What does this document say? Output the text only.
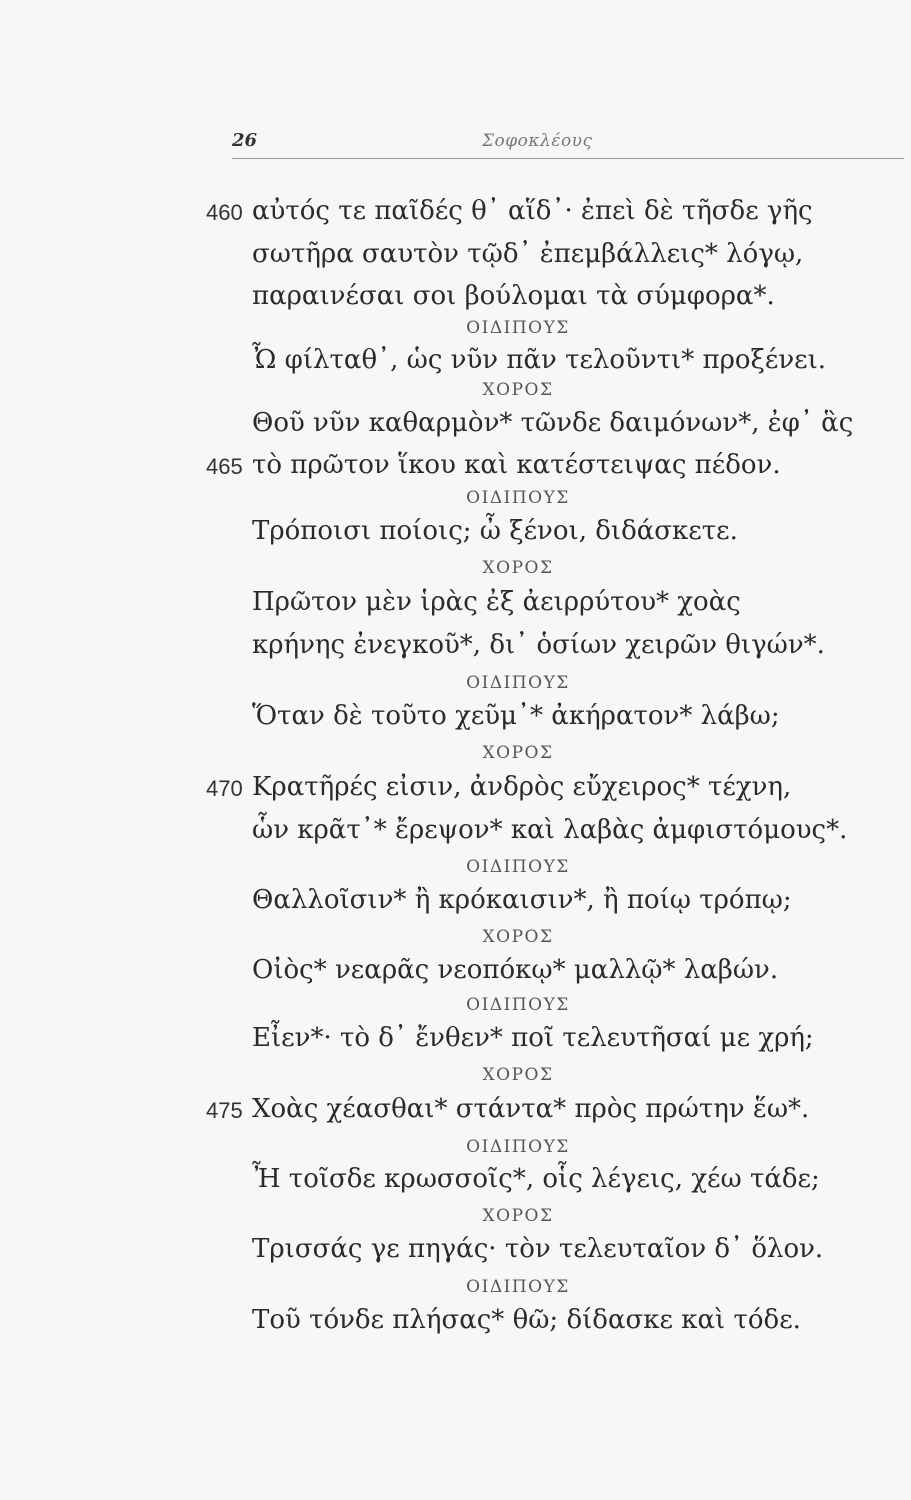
26	Σοφοκλέους
460 αὐτός τε παῖδές θ᾽ αἵδ᾽· ἐπεὶ δὲ τῆσδε γῆς
σωτῆρα σαυτὸν τῷδ᾽ ἐπεμβάλλεις* λόγῳ,
παραινέσαι σοι βούλομαι τὰ σύμφορα*.
ΟΙΔΙΠΟΥΣ
Ὦ φίλταθ᾽, ὡς νῦν πᾶν τελοῦντι* προξένει.
ΧΟΡΟΣ
Θοῦ νῦν καθαρμὸν* τῶνδε δαιμόνων*, ἐφ᾽ ἃς
465 τὸ πρῶτον ἵκου καὶ κατέστειψας πέδον.
ΟΙΔΙΠΟΥΣ
Τρόποισι ποίοις; ὦ ξένοι, διδάσκετε.
ΧΟΡΟΣ
Πρῶτον μὲν ἱρὰς ἐξ ἀειρρύτου* χοὰς
κρήνης ἐνεγκοῦ*, δι᾽ ὁσίων χειρῶν θιγών*.
ΟΙΔΙΠΟΥΣ
Ὅταν δὲ τοῦτο χεῦμ᾽* ἀκήρατον* λάβω;
ΧΟΡΟΣ
470 Κρατῆρές εἰσιν, ἀνδρὸς εὔχειρος* τέχνη,
ὧν κρᾶτ᾽* ἔρεψον* καὶ λαβὰς ἀμφιστόμους*.
ΟΙΔΙΠΟΥΣ
Θαλλοῖσιν* ἢ κρόκαισιν*, ἢ ποίῳ τρόπῳ;
ΧΟΡΟΣ
Οἰὸς* νεαρᾶς νεοπόκῳ* μαλλῷ* λαβών.
ΟΙΔΙΠΟΥΣ
Εἶεν*· τὸ δ᾽ ἔνθεν* ποῖ τελευτῆσαί με χρή;
ΧΟΡΟΣ
475 Χοὰς χέασθαι* στάντα* πρὸς πρώτην ἕω*.
ΟΙΔΙΠΟΥΣ
Ἦ τοῖσδε κρωσσοῖς*, οἷς λέγεις, χέω τάδε;
ΧΟΡΟΣ
Τρισσάς γε πηγάς· τὸν τελευταῖον δ᾽ ὅλον.
ΟΙΔΙΠΟΥΣ
Τοῦ τόνδε πλήσας* θῶ; δίδασκε καὶ τόδε.
